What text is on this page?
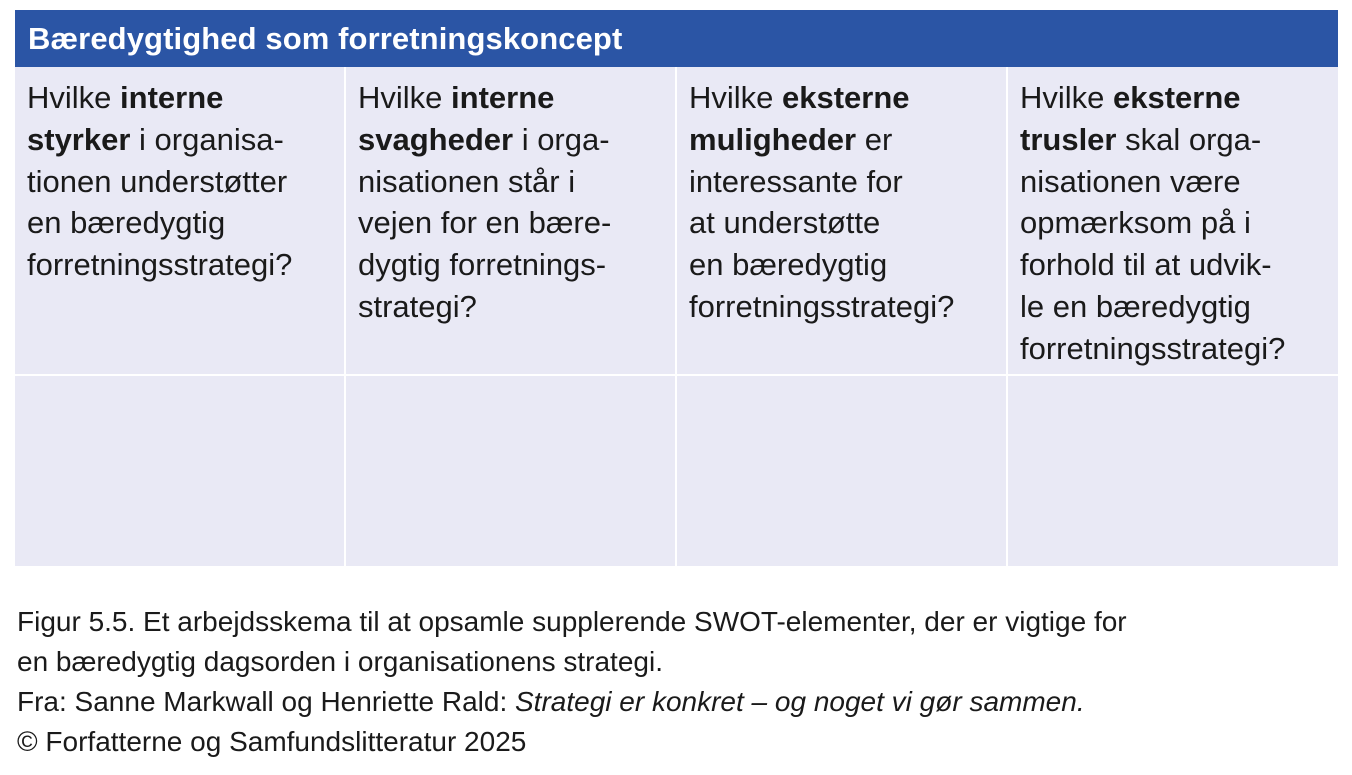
Bæredygtighed som forretningskoncept
Hvilke interne
styrker i organisa-
tionen understøtter
en bæredygtig
forretningsstrategi?
Hvilke interne
svagheder i orga-
nisationen står i
vejen for en bære-
dygtig forretnings-
strategi?
Hvilke eksterne
muligheder er
interessante for
at understøtte
en bæredygtig
forretningsstrategi?
Hvilke eksterne
trusler skal orga-
nisationen være
opmærksom på i
forhold til at udvik-
le en bæredygtig
forretningsstrategi?
Figur 5.5. Et arbejdsskema til at opsamle supplerende SWOT-elementer, der er vigtige for
en bæredygtig dagsorden i organisationens strategi.
Fra: Sanne Markwall og Henriette Rald: Strategi er konkret – og noget vi gør sammen.
© Forfatterne og Samfundslitteratur 2025
